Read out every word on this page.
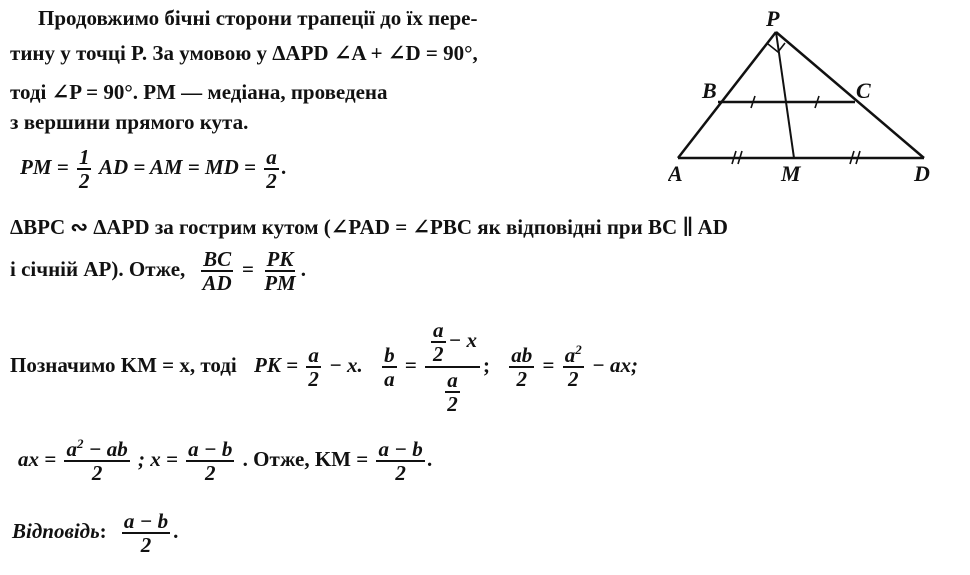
Продовжимо бічні сторони трапеції до їх пере-
тину у точці P. За умовою у ΔAPD ∠A + ∠D = 90°,
тоді ∠P = 90°. PM — медіана, проведена
з вершини прямого кута.
PM = $\frac{1}{2}$ AD = AM = MD = $\frac{a}{2}$ .
ΔBPC ∾ ΔAPD за гострим кутом (∠PAD = ∠PBC як відповідні при BC ∥ AD
і січній AP). Отже, $\frac{BC}{AD} = \frac{PK}{PM}$ .
Позначимо KM = x, тоді PK = $\frac{a}{2} - x$. $\frac{b}{a} = \frac{\frac{a}{2} - x}{\frac{a}{2}}$ ; $\frac{ab}{2} = \frac{a^2}{2}$ − ax;
ax = $\frac{a^2 - ab}{2}$ ; $x = \frac{a - b}{2}$ . Отже, KM = $\frac{a - b}{2}$ .
Відповідь: $\frac{a - b}{2}$ .
P
B	C
A	M	D
